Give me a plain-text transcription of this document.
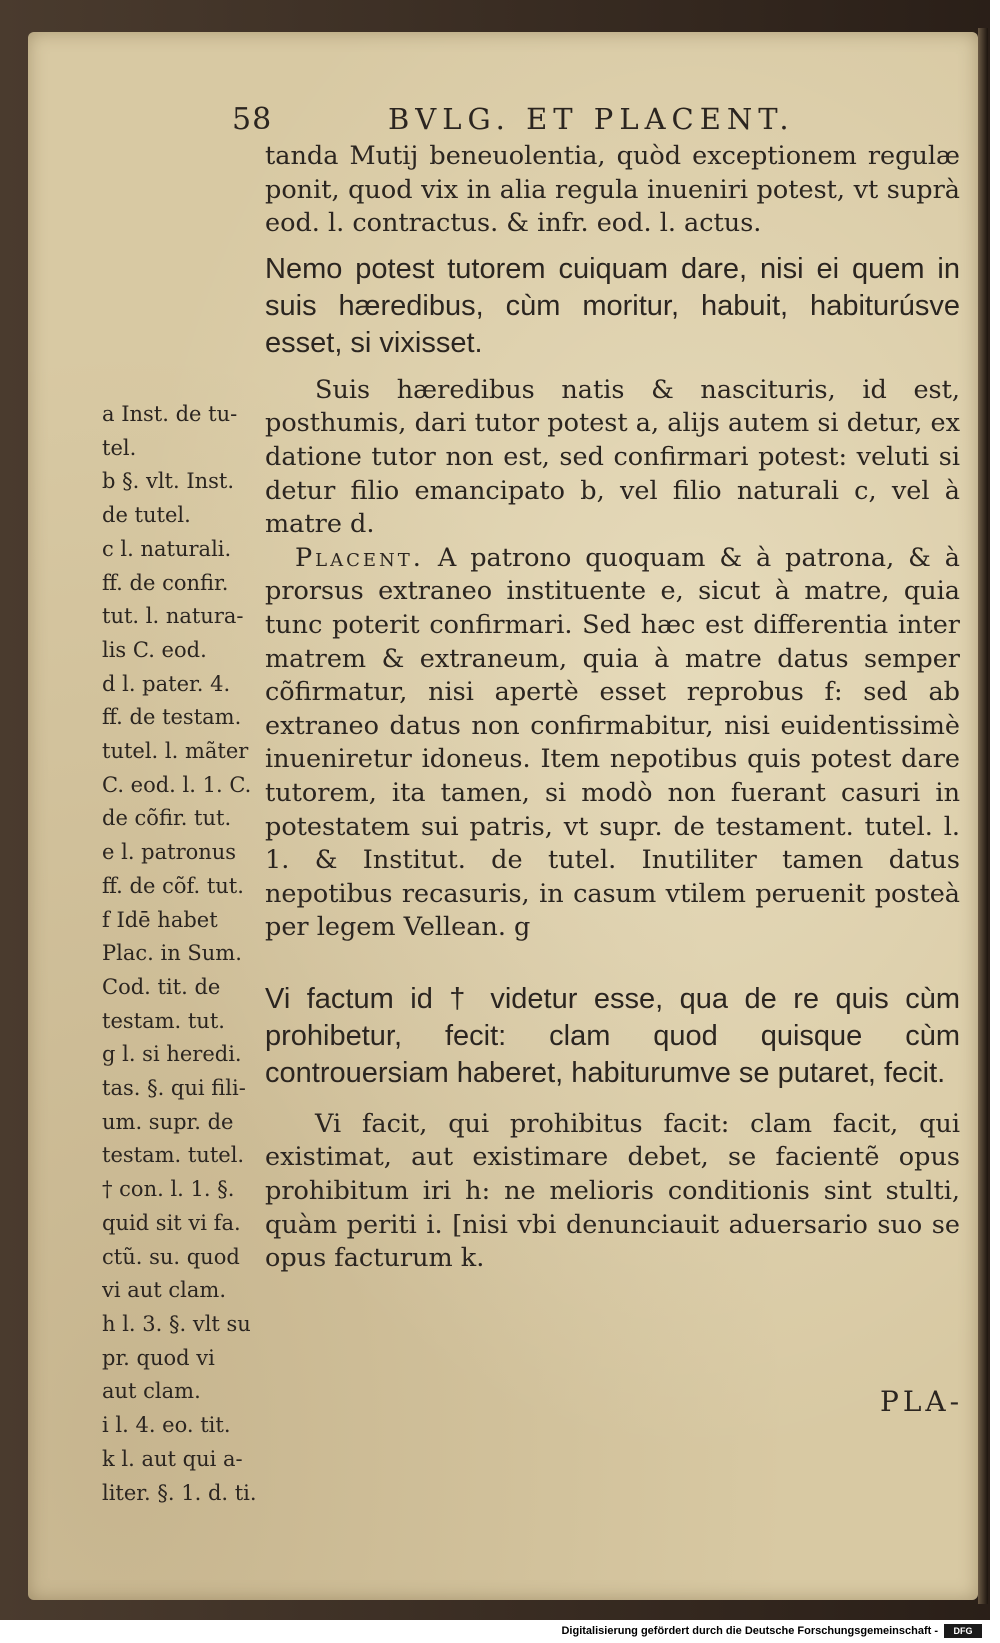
58	BVLG. ET PLACENT.

tanda Mutij beneuolentia, quòd exceptionem regulæ ponit, quod vix in alia regula inueniri potest, vt suprà eod. l. contractus. & infr. eod. l. actus.

Nemo potest tutorem cuiquam dare, nisi ei quem in suis hæredibus, cùm moritur, habuit, habiturúsve esset, si vixisset.

Suis hæredibus natis & nascituris, id est, posthumis, dari tutor potest a, alijs autem si detur, ex datione tutor non est, sed confirmari potest: veluti si detur filio emancipato b, vel filio naturali c, vel à matre d.

Placent. A patrono quoquam & à patrona, & à prorsus extraneo instituente e, sicut à matre, quia tunc poterit confirmari. Sed hæc est differentia inter matrem & extraneum, quia à matre datus semper cõfirmatur, nisi apertè esset reprobus f: sed ab extraneo datus non confirmabitur, nisi euidentissimè inueniretur idoneus. Item nepotibus quis potest dare tutorem, ita tamen, si modò non fuerant casuri in potestatem sui patris, vt supr. de testament. tutel. l. 1. & Institut. de tutel. Inutiliter tamen datus nepotibus recasuris, in casum vtilem peruenit posteà per legem Vellean. g

Vi factum id † videtur esse, qua de re quis cùm prohibetur, fecit: clam quod quisque cùm controuersiam haberet, habiturumve se putaret, fecit.

Vi facit, qui prohibitus facit: clam facit, qui existimat, aut existimare debet, se facientẽ opus prohibitum iri h: ne melioris conditionis sint stulti, quàm periti i. [nisi vbi denunciauit aduersario suo se opus facturum k.

a Inst. de tu-
tel.
b §. vlt. Inst.
de tutel.
c l. naturali.
ff. de confir.
tut. l. natura-
lis C. eod.
d l. pater. 4.
ff. de testam.
tutel. l. mãter
C. eod. l. 1. C.
de cõfir. tut.
e l. patronus
ff. de cõf. tut.
f Idē habet
Plac. in Sum.
Cod. tit. de
testam. tut.
g l. si heredi.
tas. §. qui fili-
um. supr. de
testam. tutel.
† con. l. 1. §.
quid sit vi fa.
ctũ. su. quod
vi aut clam.
h l. 3. §. vlt su
pr. quod vi
aut clam.
i l. 4. eo. tit.
k l. aut qui a-
liter. §. 1. d. ti.
PLA-
Digitalisierung gefördert durch die Deutsche Forschungsgemeinschaft -	DFG
